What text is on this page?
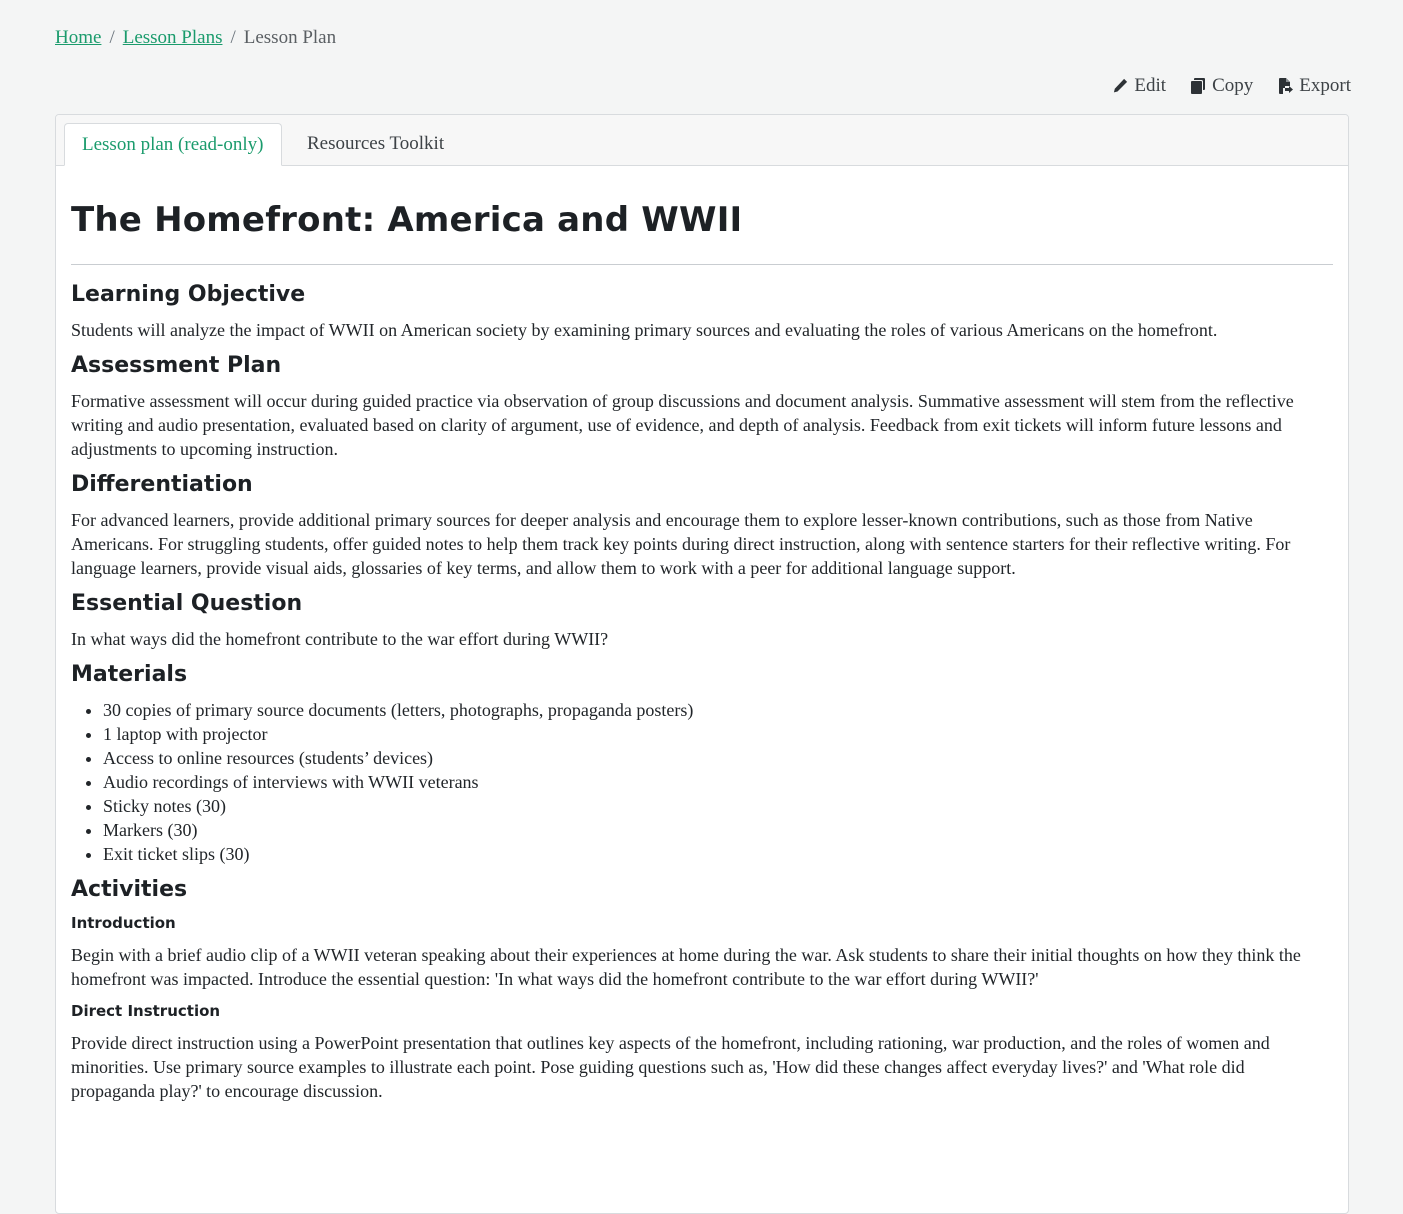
Home / Lesson Plans / Lesson Plan
Edit Copy Export
Lesson plan (read-only)	Resources Toolkit
The Homefront: America and WWII
Learning Objective

Students will analyze the impact of WWII on American society by examining primary sources and evaluating the roles of various Americans on the homefront.

Assessment Plan

Formative assessment will occur during guided practice via observation of group discussions and document analysis. Summative assessment will stem from the reflective writing and audio presentation, evaluated based on clarity of argument, use of evidence, and depth of analysis. Feedback from exit tickets will inform future lessons and adjustments to upcoming instruction.

Differentiation

For advanced learners, provide additional primary sources for deeper analysis and encourage them to explore lesser-known contributions, such as those from Native Americans. For struggling students, offer guided notes to help them track key points during direct instruction, along with sentence starters for their reflective writing. For language learners, provide visual aids, glossaries of key terms, and allow them to work with a peer for additional language support.

Essential Question

In what ways did the homefront contribute to the war effort during WWII?

Materials
• 30 copies of primary source documents (letters, photographs, propaganda posters)
• 1 laptop with projector
• Access to online resources (students’ devices)
• Audio recordings of interviews with WWII veterans
• Sticky notes (30)
• Markers (30)
• Exit ticket slips (30)
Activities
Introduction

Begin with a brief audio clip of a WWII veteran speaking about their experiences at home during the war. Ask students to share their initial thoughts on how they think the homefront was impacted. Introduce the essential question: 'In what ways did the homefront contribute to the war effort during WWII?'

Direct Instruction

Provide direct instruction using a PowerPoint presentation that outlines key aspects of the homefront, including rationing, war production, and the roles of women and minorities. Use primary source examples to illustrate each point. Pose guiding questions such as, 'How did these changes affect everyday lives?' and 'What role did propaganda play?' to encourage discussion.
